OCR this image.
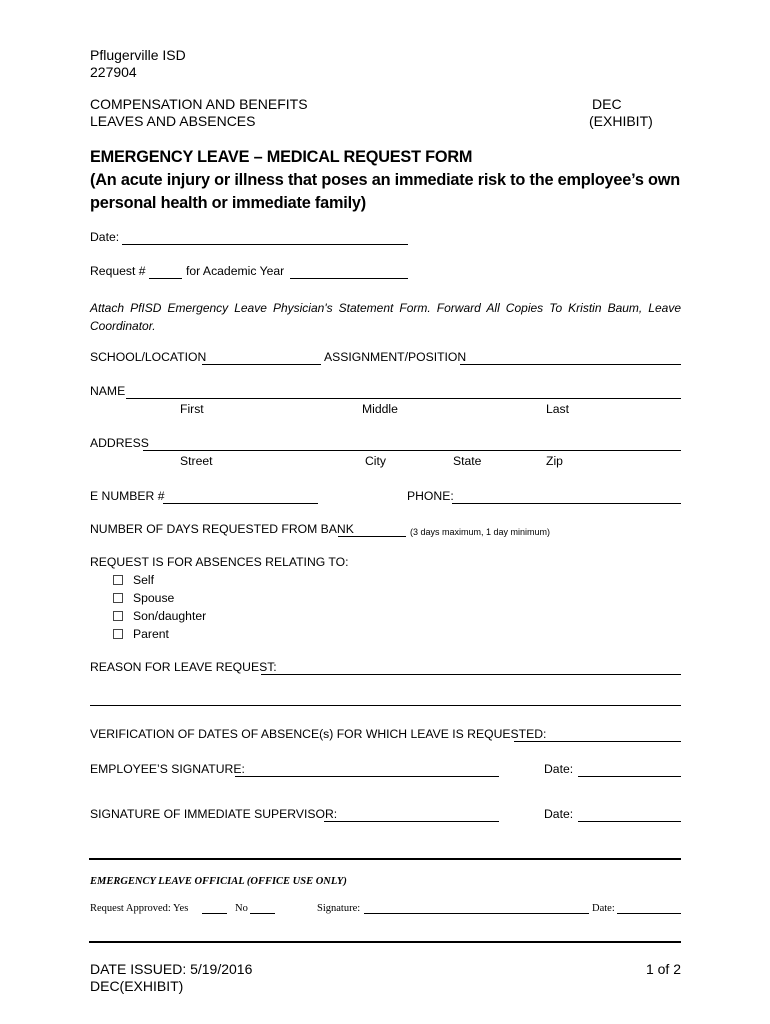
Pflugerville ISD
227904
COMPENSATION AND BENEFITS
LEAVES AND ABSENCES
DEC
(EXHIBIT)
EMERGENCY LEAVE – MEDICAL REQUEST FORM
(An acute injury or illness that poses an immediate risk to the employee’s own
personal health or immediate family)
Date:
Request #	for Academic Year
Attach PfISD Emergency Leave Physician's Statement Form. Forward All Copies To Kristin Baum, Leave Coordinator.
SCHOOL/LOCATION	ASSIGNMENT/POSITION
NAME
First	Middle	Last
ADDRESS
Street	City	State	Zip
E NUMBER #	PHONE:
NUMBER OF DAYS REQUESTED FROM BANK	(3 days maximum, 1 day minimum)
REQUEST IS FOR ABSENCES RELATING TO:
Self
Spouse
Son/daughter
Parent
REASON FOR LEAVE REQUEST:
VERIFICATION OF DATES OF ABSENCE(s) FOR WHICH LEAVE IS REQUESTED:
EMPLOYEE’S SIGNATURE:	Date:
SIGNATURE OF IMMEDIATE SUPERVISOR:	Date:
EMERGENCY LEAVE OFFICIAL (OFFICE USE ONLY)
Request Approved: Yes	No	Signature:	Date:
DATE ISSUED: 5/19/2016
DEC(EXHIBIT)
1 of 2
